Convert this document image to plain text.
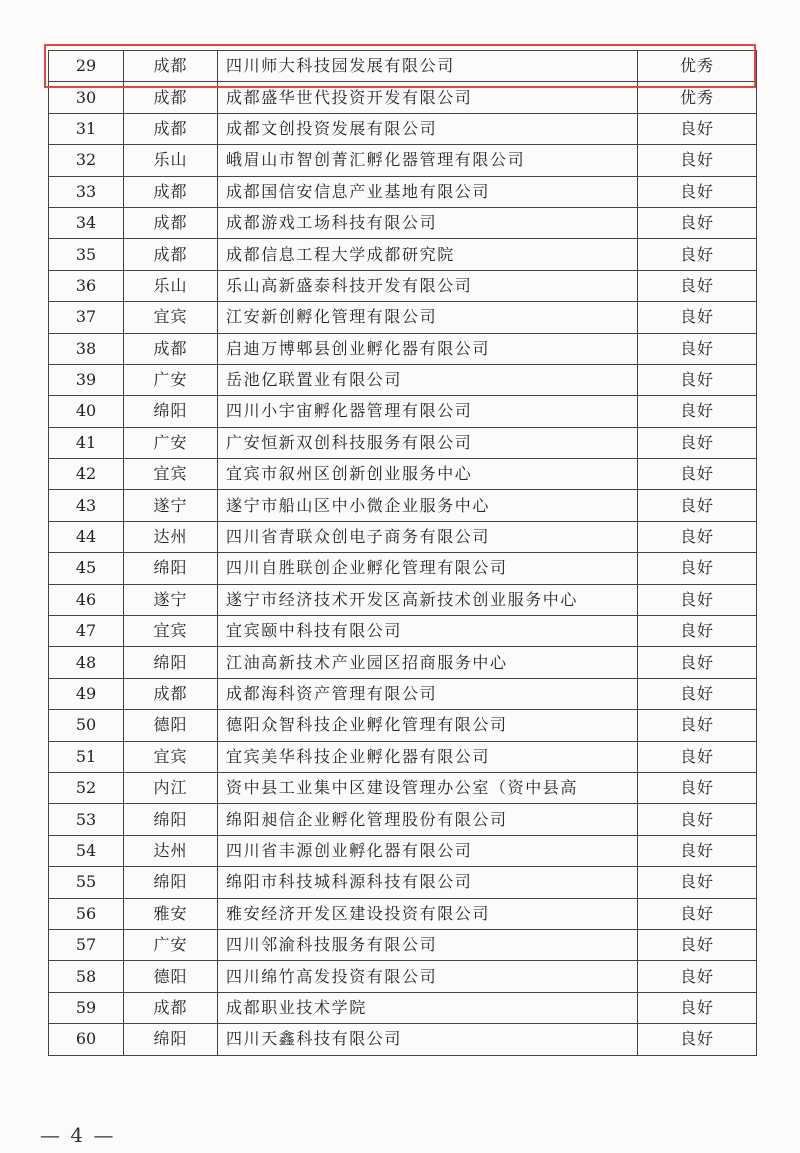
29	成都	四川师大科技园发展有限公司	优秀
30	成都	成都盛华世代投资开发有限公司	优秀
31	成都	成都文创投资发展有限公司	良好
32	乐山	峨眉山市智创菁汇孵化器管理有限公司	良好
33	成都	成都国信安信息产业基地有限公司	良好
34	成都	成都游戏工场科技有限公司	良好
35	成都	成都信息工程大学成都研究院	良好
36	乐山	乐山高新盛泰科技开发有限公司	良好
37	宜宾	江安新创孵化管理有限公司	良好
38	成都	启迪万博郫县创业孵化器有限公司	良好
39	广安	岳池亿联置业有限公司	良好
40	绵阳	四川小宇宙孵化器管理有限公司	良好
41	广安	广安恒新双创科技服务有限公司	良好
42	宜宾	宜宾市叙州区创新创业服务中心	良好
43	遂宁	遂宁市船山区中小微企业服务中心	良好
44	达州	四川省青联众创电子商务有限公司	良好
45	绵阳	四川自胜联创企业孵化管理有限公司	良好
46	遂宁	遂宁市经济技术开发区高新技术创业服务中心	良好
47	宜宾	宜宾颐中科技有限公司	良好
48	绵阳	江油高新技术产业园区招商服务中心	良好
49	成都	成都海科资产管理有限公司	良好
50	德阳	德阳众智科技企业孵化管理有限公司	良好
51	宜宾	宜宾美华科技企业孵化器有限公司	良好
52	内江	资中县工业集中区建设管理办公室（资中县高	良好
53	绵阳	绵阳昶信企业孵化管理股份有限公司	良好
54	达州	四川省丰源创业孵化器有限公司	良好
55	绵阳	绵阳市科技城科源科技有限公司	良好
56	雅安	雅安经济开发区建设投资有限公司	良好
57	广安	四川邻渝科技服务有限公司	良好
58	德阳	四川绵竹高发投资有限公司	良好
59	成都	成都职业技术学院	良好
60	绵阳	四川天鑫科技有限公司	良好
— 4 —
